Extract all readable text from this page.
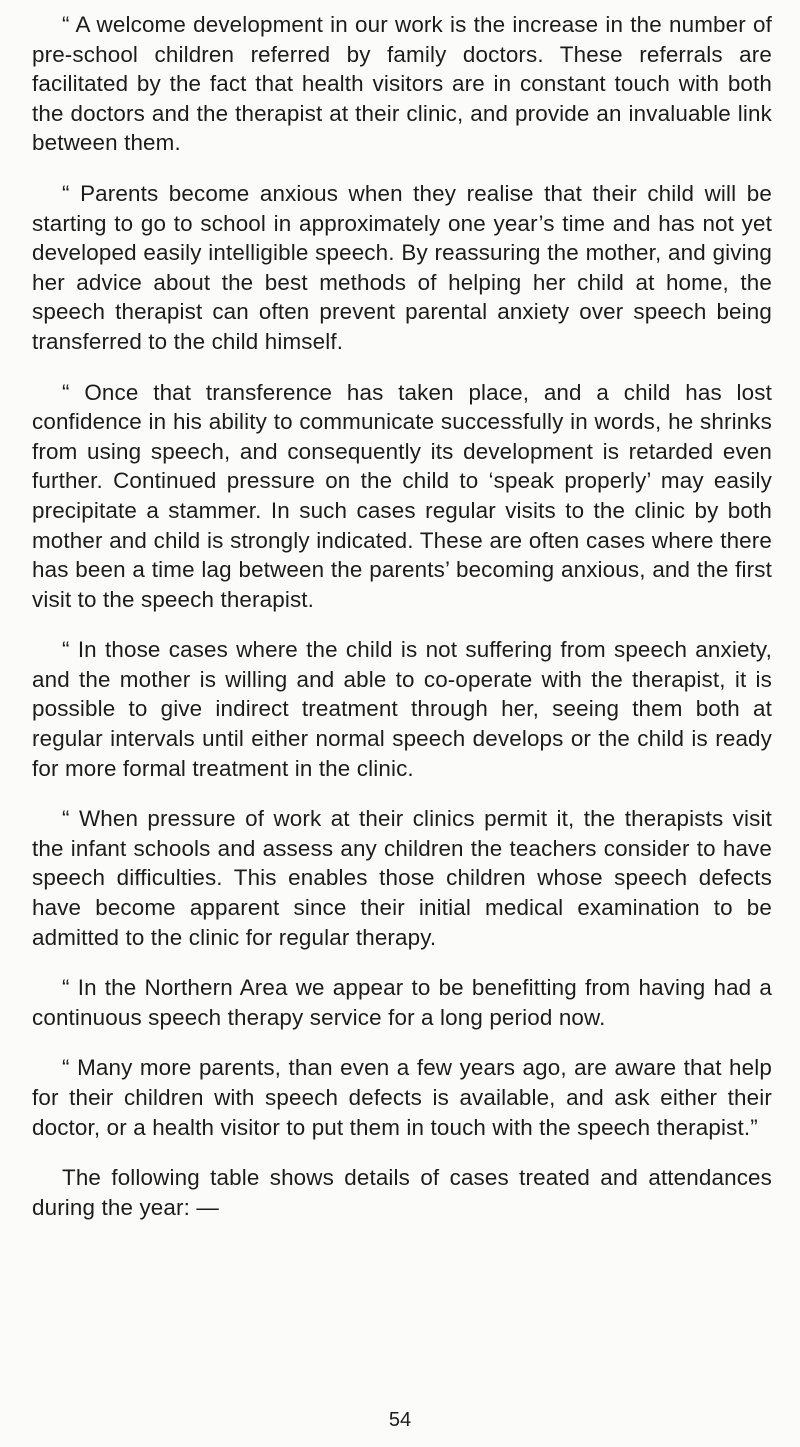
“ A welcome development in our work is the increase in the number of pre-school children referred by family doctors. These referrals are facilitated by the fact that health visitors are in constant touch with both the doctors and the therapist at their clinic, and provide an invaluable link between them.

“ Parents become anxious when they realise that their child will be starting to go to school in approximately one year’s time and has not yet developed easily intelligible speech. By reassuring the mother, and giving her advice about the best methods of helping her child at home, the speech therapist can often prevent parental anxiety over speech being transferred to the child himself.

“ Once that transference has taken place, and a child has lost confidence in his ability to communicate successfully in words, he shrinks from using speech, and consequently its development is retarded even further. Continued pressure on the child to ‘speak properly’ may easily precipitate a stammer. In such cases regular visits to the clinic by both mother and child is strongly indicated. These are often cases where there has been a time lag between the parents’ becoming anxious, and the first visit to the speech therapist.

“ In those cases where the child is not suffering from speech anxiety, and the mother is willing and able to co-operate with the therapist, it is possible to give indirect treatment through her, seeing them both at regular intervals until either normal speech develops or the child is ready for more formal treatment in the clinic.

“ When pressure of work at their clinics permit it, the therapists visit the infant schools and assess any children the teachers consider to have speech difficulties. This enables those children whose speech defects have become apparent since their initial medical examination to be admitted to the clinic for regular therapy.

“ In the Northern Area we appear to be benefitting from having had a continuous speech therapy service for a long period now.

“ Many more parents, than even a few years ago, are aware that help for their children with speech defects is available, and ask either their doctor, or a health visitor to put them in touch with the speech therapist.”

The following table shows details of cases treated and attendances during the year: —

54
